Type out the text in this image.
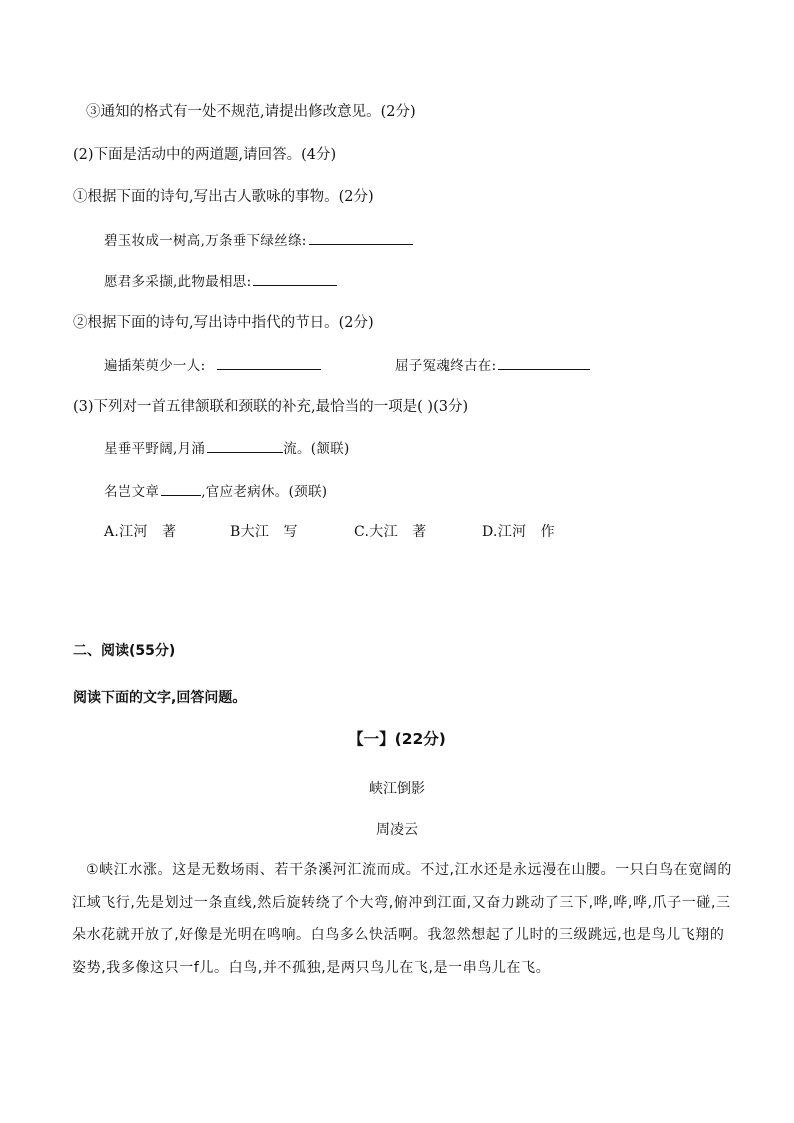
③通知的格式有一处不规范,请提出修改意见。(2分)
(2)下面是活动中的两道题,请回答。(4分)
①根据下面的诗句,写出古人歌咏的事物。(2分)
碧玉妆成一树高,万条垂下绿丝绦:
愿君多采撷,此物最相思:
②根据下面的诗句,写出诗中指代的节日。(2分)
遍插茱萸少一人:	屈子冤魂终古在:
(3)下列对一首五律颔联和颈联的补充,最恰当的一项是( )(3分)
星垂平野阔,月涌	流。(颔联)
名岂文章	,官应老病休。(颈联)
A.江河　著	B大江　写	C.大江　著	D.江河　作
二、阅读(55分)
阅读下面的文字,回答问题。
【一】(22分)
峡江倒影
周凌云
①峡江水涨。这是无数场雨、若干条溪河汇流而成。不过,江水还是永远漫在山腰。一只白鸟在宽阔的江域飞行,先是划过一条直线,然后旋转绕了个大弯,俯冲到江面,又奋力跳动了三下,哗,哗,哗,爪子一碰,三朵水花就开放了,好像是光明在鸣响。白鸟多么快活啊。我忽然想起了儿时的三级跳远,也是鸟儿飞翔的姿势,我多像这只一f儿。白鸟,并不孤独,是两只鸟儿在飞,是一串鸟儿在飞。
